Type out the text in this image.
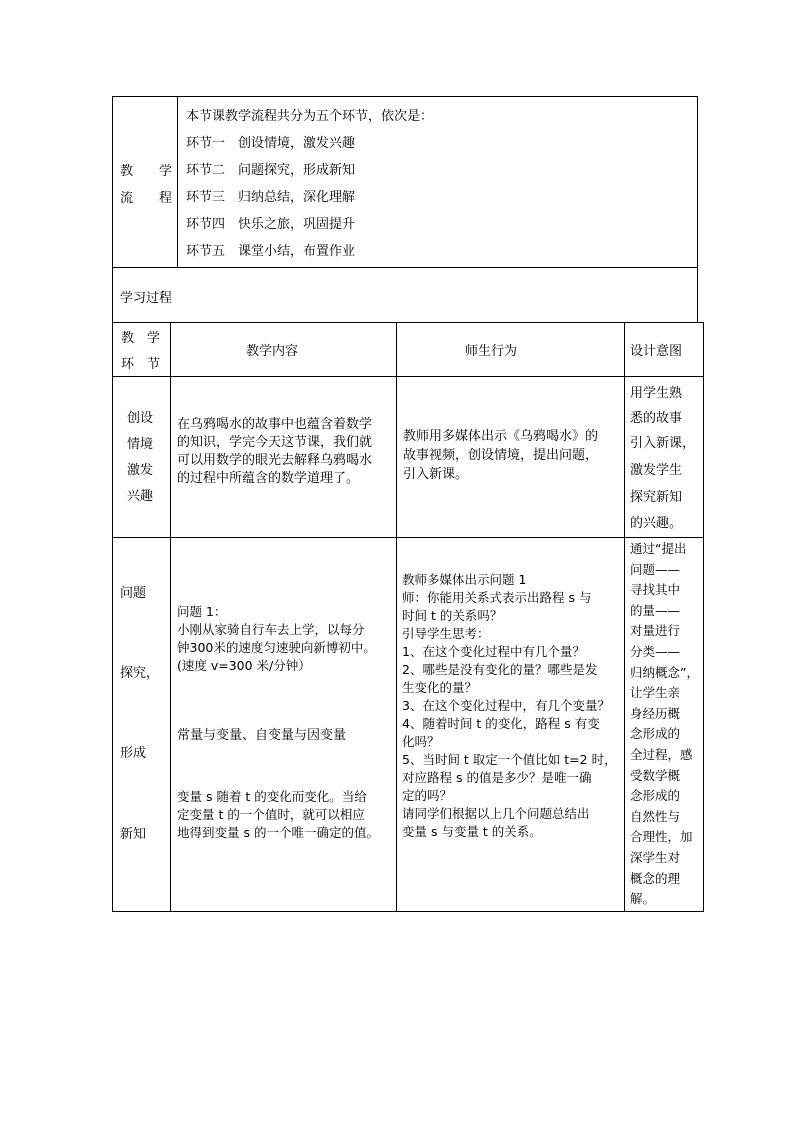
教　　学
流　　程
本节课教学流程共分为五个环节，依次是：
环节一　创设情境，激发兴趣
环节二　问题探究，形成新知
环节三　归纳总结，深化理解
环节四　快乐之旅，巩固提升
环节五　课堂小结，布置作业
学习过程
教　学
环　节
教学内容	师生行为	设计意图
创设
情境
激发
兴趣
在乌鸦喝水的故事中也蕴含着数学
的知识，学完今天这节课，我们就
可以用数学的眼光去解释乌鸦喝水
的过程中所蕴含的数学道理了。
教师用多媒体出示《乌鸦喝水》的
故事视频，创设情境，提出问题，
引入新课。
用学生熟
悉的故事
引入新课，
激发学生
探究新知
的兴趣。
问题
探究，
形成
新知
问题 1：
小刚从家骑自行车去上学，以每分
钟300米的速度匀速驶向新博初中。
(速度 v=300 米/分钟）
常量与变量、自变量与因变量
变量 s 随着 t 的变化而变化。当给
定变量 t 的一个值时，就可以相应
地得到变量 s 的一个唯一确定的值。
教师多媒体出示问题 1
师：你能用关系式表示出路程 s 与
时间 t 的关系吗？
引导学生思考：
1、在这个变化过程中有几个量？
2、哪些是没有变化的量？哪些是发
生变化的量？
3、在这个变化过程中，有几个变量？
4、随着时间 t 的变化，路程 s 有变
化吗？
5、当时间 t 取定一个值比如 t=2 时，
对应路程 s 的值是多少？是唯一确
定的吗？
请同学们根据以上几个问题总结出
变量 s 与变量 t 的关系。
通过“提出
问题——
寻找其中
的量——
对量进行
分类——
归纳概念”，
让学生亲
身经历概
念形成的
全过程，感
受数学概
念形成的
自然性与
合理性，加
深学生对
概念的理
解。
